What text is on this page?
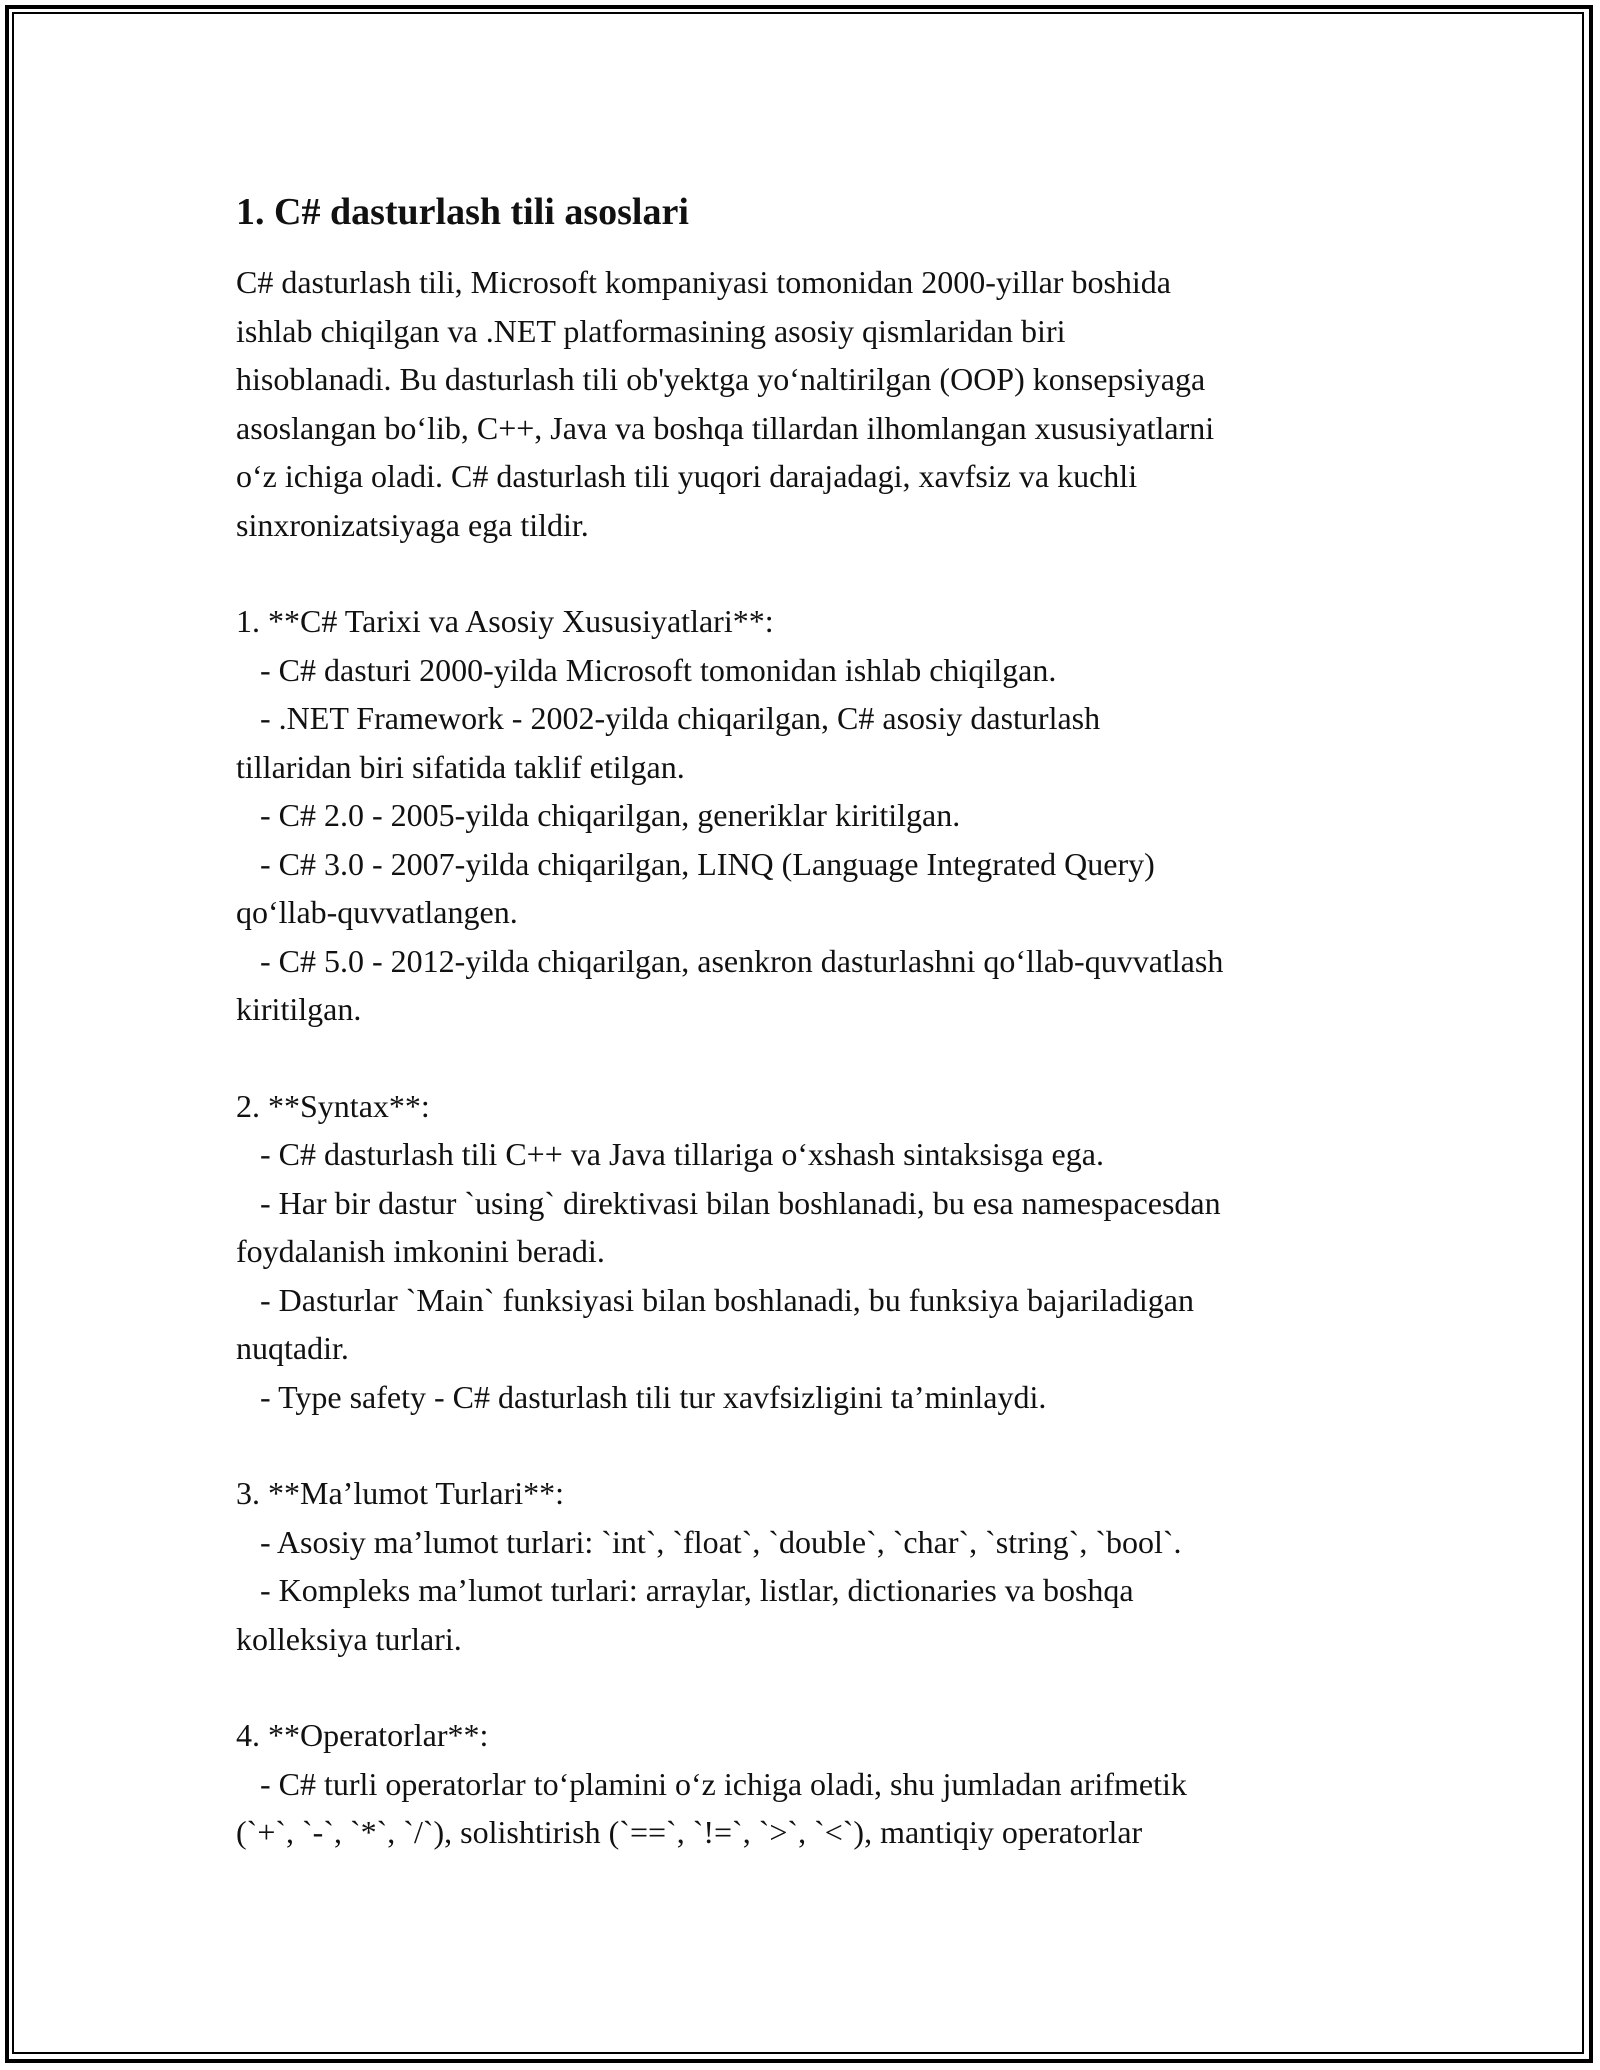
1. C# dasturlash tili asoslari

C# dasturlash tili, Microsoft kompaniyasi tomonidan 2000-yillar boshida
ishlab chiqilgan va .NET platformasining asosiy qismlaridan biri
hisoblanadi. Bu dasturlash tili ob'yektga yo‘naltirilgan (OOP) konsepsiyaga
asoslangan bo‘lib, C++, Java va boshqa tillardan ilhomlangan xususiyatlarni
o‘z ichiga oladi. C# dasturlash tili yuqori darajadagi, xavfsiz va kuchli
sinxronizatsiyaga ega tildir.

1. **C# Tarixi va Asosiy Xususiyatlari**:

- C# dasturi 2000-yilda Microsoft tomonidan ishlab chiqilgan.

- .NET Framework - 2002-yilda chiqarilgan, C# asosiy dasturlash

tillaridan biri sifatida taklif etilgan.

- C# 2.0 - 2005-yilda chiqarilgan, generiklar kiritilgan.

- C# 3.0 - 2007-yilda chiqarilgan, LINQ (Language Integrated Query)

qo‘llab-quvvatlangen.

- C# 5.0 - 2012-yilda chiqarilgan, asenkron dasturlashni qo‘llab-quvvatlash

kiritilgan.

2. **Syntax**:

- C# dasturlash tili C++ va Java tillariga o‘xshash sintaksisga ega.

- Har bir dastur `using` direktivasi bilan boshlanadi, bu esa namespacesdan

foydalanish imkonini beradi.

- Dasturlar `Main` funksiyasi bilan boshlanadi, bu funksiya bajariladigan

nuqtadir.

- Type safety - C# dasturlash tili tur xavfsizligini ta’minlaydi.

3. **Ma’lumot Turlari**:

- Asosiy ma’lumot turlari: `int`, `float`, `double`, `char`, `string`, `bool`.

- Kompleks ma’lumot turlari: arraylar, listlar, dictionaries va boshqa

kolleksiya turlari.

4. **Operatorlar**:

- C# turli operatorlar to‘plamini o‘z ichiga oladi, shu jumladan arifmetik

(`+`, `-`, `*`, `/`), solishtirish (`==`, `!=`, `>`, `<`), mantiqiy operatorlar
